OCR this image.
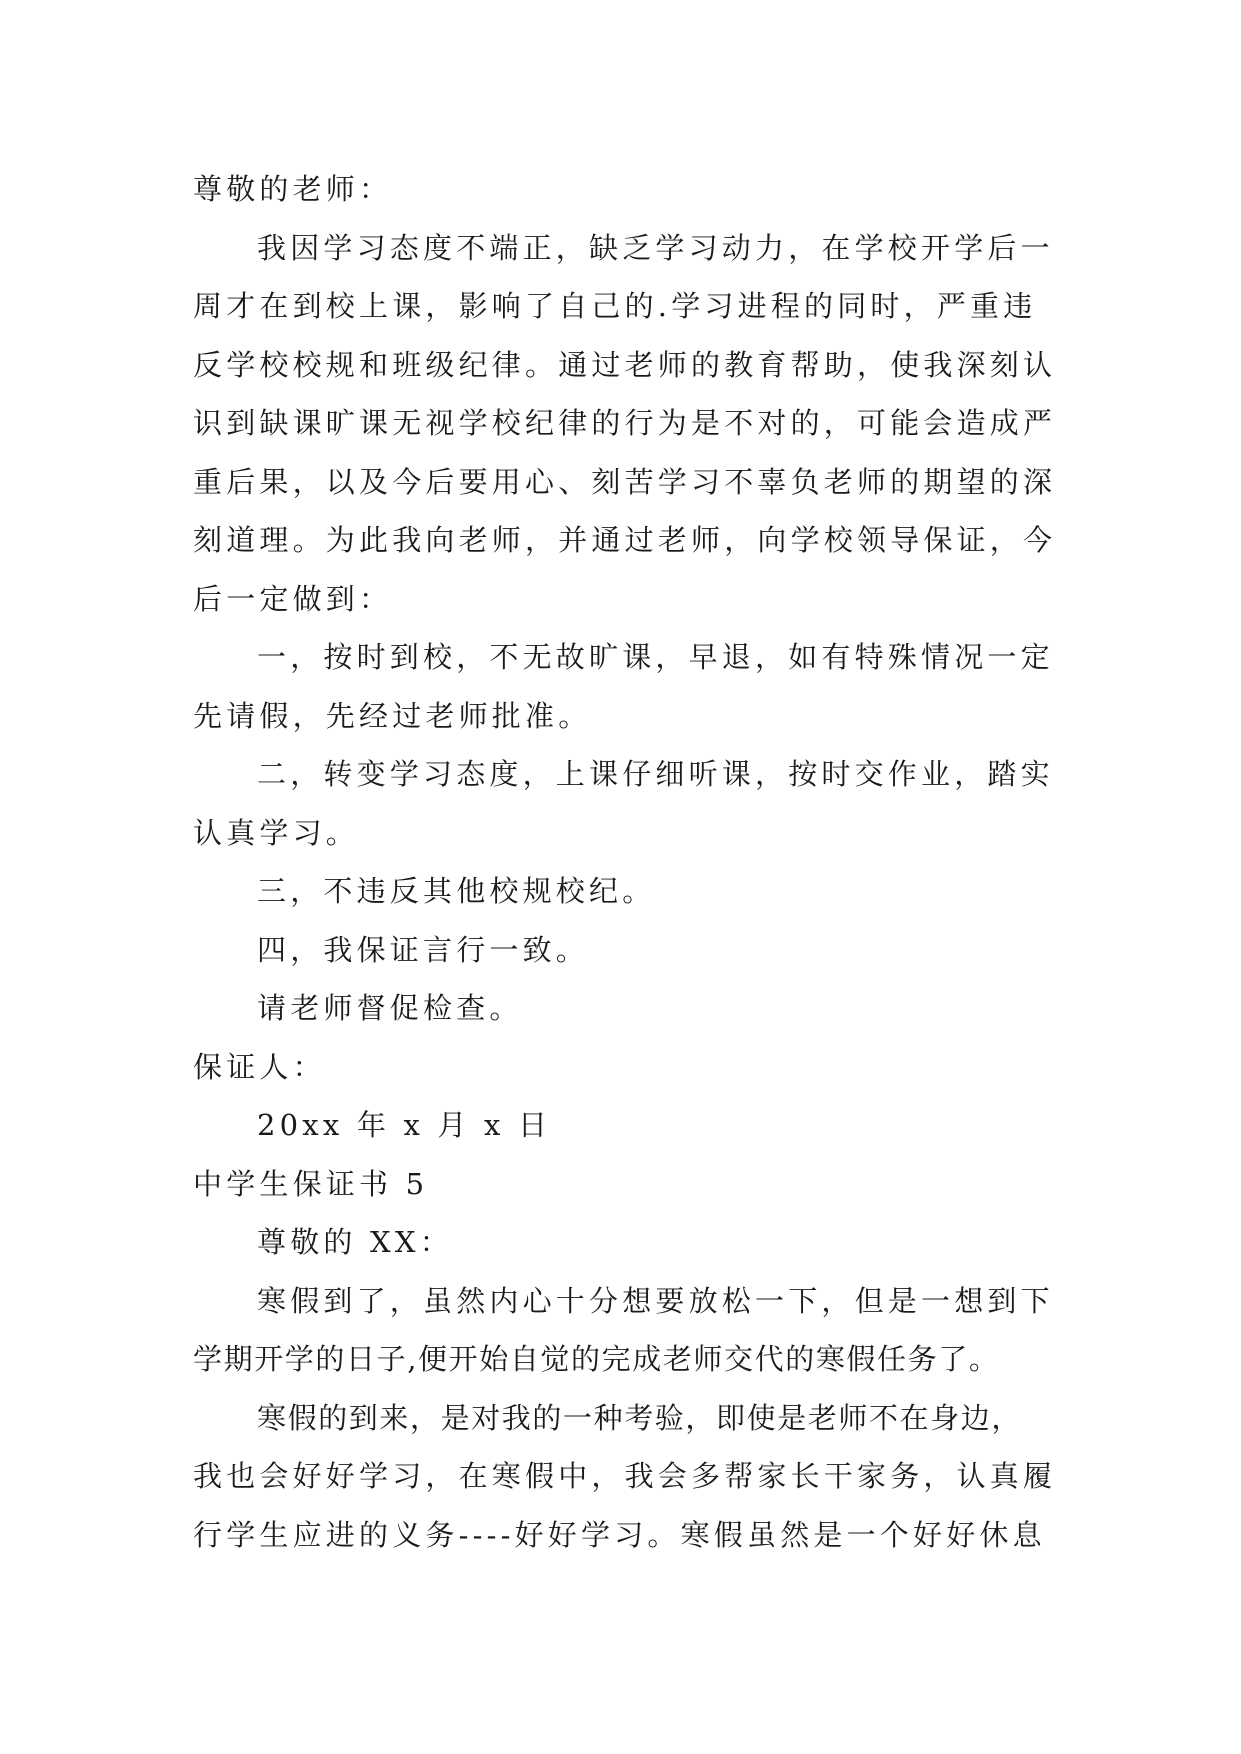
尊敬的老师：
我因学习态度不端正，缺乏学习动力，在学校开学后一
周才在到校上课，影响了自己的.学习进程的同时，严重违
反学校校规和班级纪律。通过老师的教育帮助，使我深刻认
识到缺课旷课无视学校纪律的行为是不对的，可能会造成严
重后果，以及今后要用心、刻苦学习不辜负老师的期望的深
刻道理。为此我向老师，并通过老师，向学校领导保证，今
后一定做到：
一，按时到校，不无故旷课，早退，如有特殊情况一定
先请假，先经过老师批准。
二，转变学习态度，上课仔细听课，按时交作业，踏实
认真学习。
三，不违反其他校规校纪。
四，我保证言行一致。
请老师督促检查。
保证人：
20xx 年 x 月 x 日
中学生保证书 5
尊敬的 XX：
寒假到了，虽然内心十分想要放松一下，但是一想到下
学期开学的日子,便开始自觉的完成老师交代的寒假任务了。
寒假的到来，是对我的一种考验，即使是老师不在身边，
我也会好好学习，在寒假中，我会多帮家长干家务，认真履
行学生应进的义务----好好学习。寒假虽然是一个好好休息
